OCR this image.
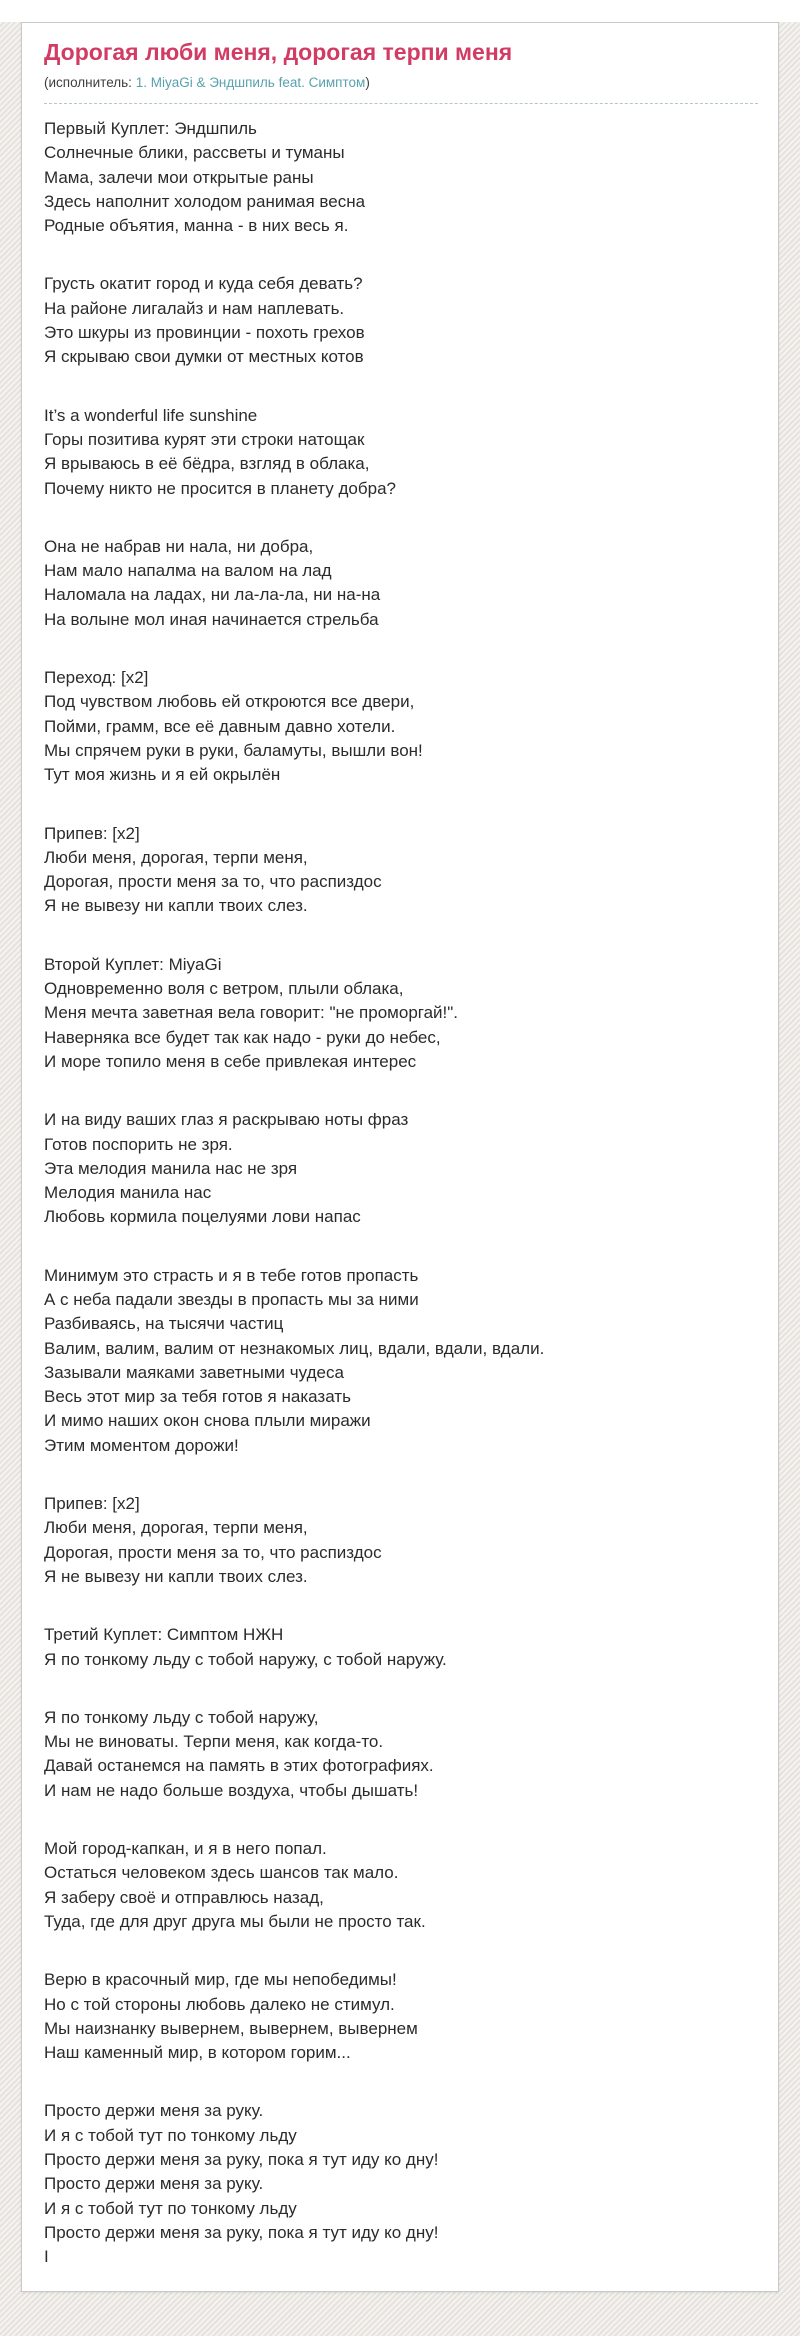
Дорогая люби меня, дорогая терпи меня
(исполнитель: 1. MiyaGi & Эндшпиль feat. Симптом)

Первый Куплет: Эндшпиль
Солнечные блики, рассветы и туманы
Мама, залечи мои открытые раны
Здесь наполнит холодом ранимая весна
Родные объятия, манна - в них весь я.

Грусть окатит город и куда себя девать?
На районе лигалайз и нам наплевать.
Это шкуры из провинции - похоть грехов
Я скрываю свои думки от местных котов

It’s a wonderful life sunshine
Горы позитива курят эти строки натощак
Я врываюсь в её бёдра, взгляд в облака,
Почему никто не просится в планету добра?

Она не набрав ни нала, ни добра,
Нам мало напалма на валом на лад
Наломала на ладах, ни ла-ла-ла, ни на-на
На волыне мол иная начинается стрельба

Переход: [x2]
Под чувством любовь ей откроются все двери,
Пойми, грамм, все её давным давно хотели.
Мы спрячем руки в руки, баламуты, вышли вон!
Тут моя жизнь и я ей окрылён

Припев: [x2]
Люби меня, дорогая, терпи меня,
Дорогая, прости меня за то, что распиздос
Я не вывезу ни капли твоих слез.

Второй Куплет: MiyaGi
Одновременно воля с ветром, плыли облака,
Меня мечта заветная вела говорит: "не проморгай!".
Наверняка все будет так как надо - руки до небес,
И море топило меня в себе привлекая интерес

И на виду ваших глаз я раскрываю ноты фраз
Готов поспорить не зря.
Эта мелодия манила нас не зря
Мелодия манила нас
Любовь кормила поцелуями лови напас

Минимум это страсть и я в тебе готов пропасть
А с неба падали звезды в пропасть мы за ними
Разбиваясь, на тысячи частиц
Валим, валим, валим от незнакомых лиц, вдали, вдали, вдали.
Зазывали маяками заветными чудеса
Весь этот мир за тебя готов я наказать
И мимо наших окон снова плыли миражи
Этим моментом дорожи!

Припев: [x2]
Люби меня, дорогая, терпи меня,
Дорогая, прости меня за то, что распиздос
Я не вывезу ни капли твоих слез.

Третий Куплет: Симптом НЖН
Я по тонкому льду с тобой наружу, с тобой наружу.

Я по тонкому льду с тобой наружу,
Мы не виноваты. Терпи меня, как когда-то.
Давай останемся на память в этих фотографиях.
И нам не надо больше воздуха, чтобы дышать!

Мой город-капкан, и я в него попал.
Остаться человеком здесь шансов так мало.
Я заберу своё и отправлюсь назад,
Туда, где для друг друга мы были не просто так.

Верю в красочный мир, где мы непобедимы!
Но с той стороны любовь далеко не стимул.
Мы наизнанку вывернем, вывернем, вывернем
Наш каменный мир, в котором горим...

Просто держи меня за руку.
И я с тобой тут по тонкому льду
Просто держи меня за руку, пока я тут иду ко дну!
Просто держи меня за руку.
И я с тобой тут по тонкому льду
Просто держи меня за руку, пока я тут иду ко дну!
I
